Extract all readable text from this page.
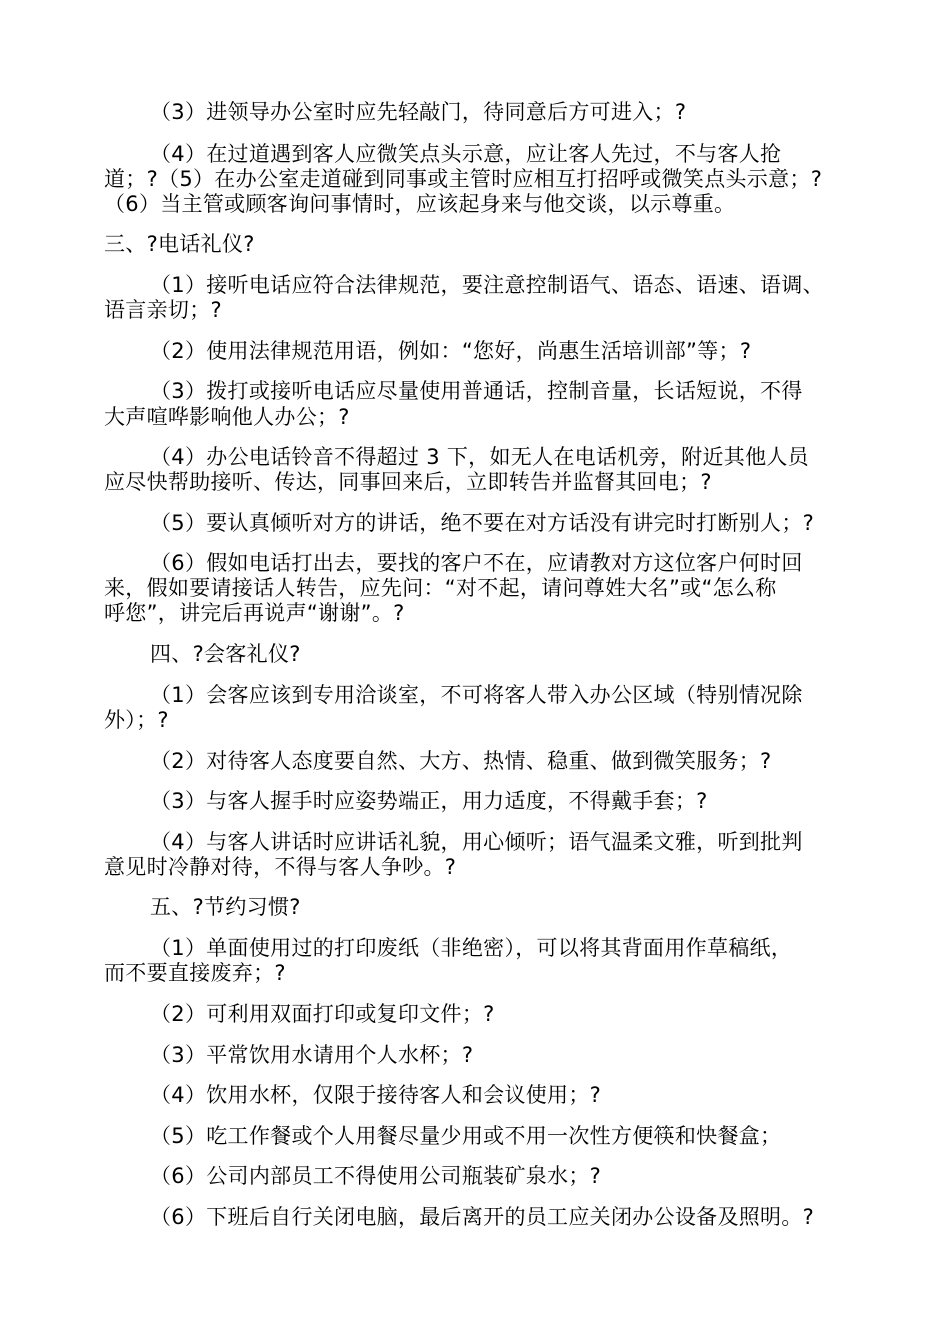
（3）进领导办公室时应先轻敲门，待同意后方可进入；?
（4）在过道遇到客人应微笑点头示意，应让客人先过，不与客人抢
道；?（5）在办公室走道碰到同事或主管时应相互打招呼或微笑点头示意；?
（6）当主管或顾客询问事情时，应该起身来与他交谈，以示尊重。
三、?电话礼仪?
（1）接听电话应符合法律规范，要注意控制语气、语态、语速、语调、
语言亲切；?
（2）使用法律规范用语，例如：“您好，尚惠生活培训部”等；?
（3）拨打或接听电话应尽量使用普通话，控制音量，长话短说，不得
大声喧哗影响他人办公；?
（4）办公电话铃音不得超过 3 下，如无人在电话机旁，附近其他人员
应尽快帮助接听、传达，同事回来后，立即转告并监督其回电；?
（5）要认真倾听对方的讲话，绝不要在对方话没有讲完时打断别人；?
（6）假如电话打出去，要找的客户不在，应请教对方这位客户何时回
来，假如要请接话人转告，应先问：“对不起，请问尊姓大名”或“怎么称
呼您”，讲完后再说声“谢谢”。?
四、?会客礼仪?
（1）会客应该到专用洽谈室，不可将客人带入办公区域（特别情况除
外）；?
（2）对待客人态度要自然、大方、热情、稳重、做到微笑服务；?
（3）与客人握手时应姿势端正，用力适度，不得戴手套；?
（4）与客人讲话时应讲话礼貌，用心倾听；语气温柔文雅，听到批判
意见时冷静对待，不得与客人争吵。?
五、?节约习惯?
（1）单面使用过的打印废纸（非绝密），可以将其背面用作草稿纸，
而不要直接废弃；?
（2）可利用双面打印或复印文件；?
（3）平常饮用水请用个人水杯；?
（4）饮用水杯，仅限于接待客人和会议使用；?
（5）吃工作餐或个人用餐尽量少用或不用一次性方便筷和快餐盒；
（6）公司内部员工不得使用公司瓶装矿泉水；?
（6）下班后自行关闭电脑，最后离开的员工应关闭办公设备及照明。?
